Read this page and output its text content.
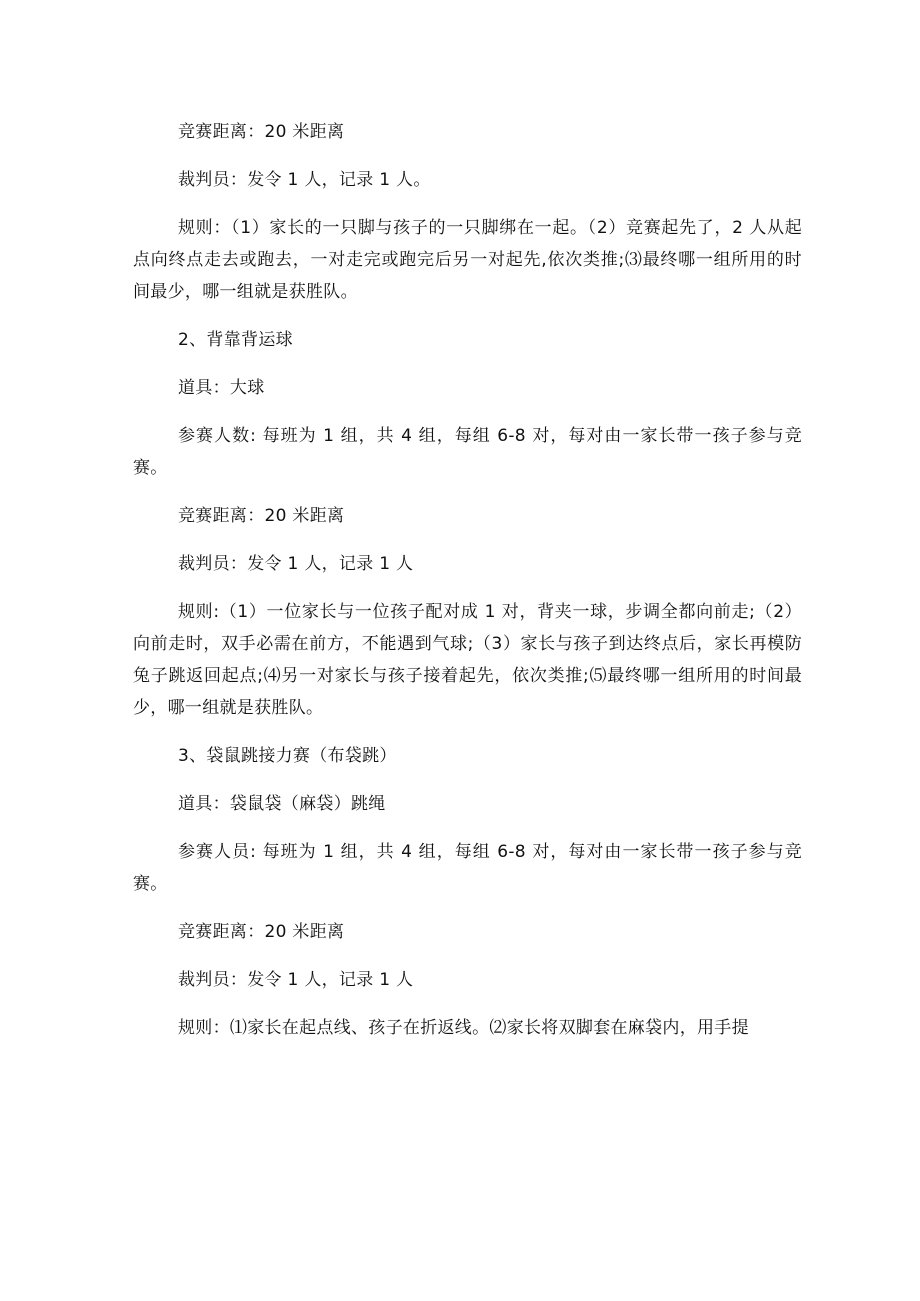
竞赛距离：20 米距离

裁判员：发令 1 人，记录 1 人。

规则：（1）家长的一只脚与孩子的一只脚绑在一起。（2）竞赛起先了，2 人从起点向终点走去或跑去，一对走完或跑完后另一对起先,依次类推;⑶最终哪一组所用的时间最少，哪一组就是获胜队。

2、背靠背运球

道具：大球

参赛人数: 每班为 1 组，共 4 组，每组 6-8 对，每对由一家长带一孩子参与竞赛。

竞赛距离：20 米距离

裁判员：发令 1 人，记录 1 人

规则:（1）一位家长与一位孩子配对成 1 对，背夹一球，步调全都向前走;（2）向前走时，双手必需在前方，不能遇到气球;（3）家长与孩子到达终点后，家长再模防兔子跳返回起点;⑷另一对家长与孩子接着起先，依次类推;⑸最终哪一组所用的时间最少，哪一组就是获胜队。

3、袋鼠跳接力赛（布袋跳）

道具：袋鼠袋（麻袋）跳绳

参赛人员: 每班为 1 组，共 4 组，每组 6-8 对，每对由一家长带一孩子参与竞赛。

竞赛距离：20 米距离

裁判员：发令 1 人，记录 1 人

规则：⑴家长在起点线、孩子在折返线。⑵家长将双脚套在麻袋内，用手提
